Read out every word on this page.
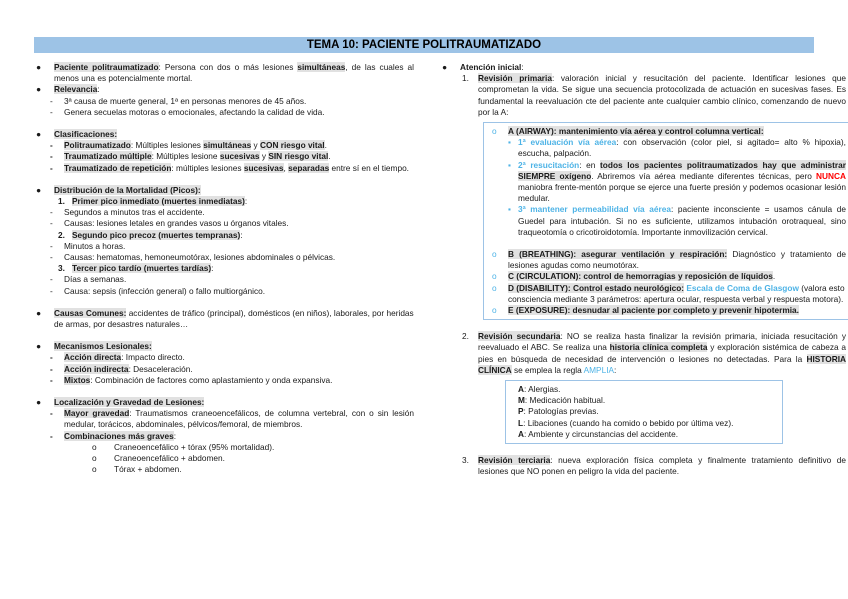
TEMA 10: PACIENTE POLITRAUMATIZADO
● Paciente politraumatizado: Persona con dos o más lesiones simultáneas, de las cuales al menos una es potencialmente mortal.
● Relevancia:
- 3ª causa de muerte general, 1ª en personas menores de 45 años.
- Genera secuelas motoras o emocionales, afectando la calidad de vida.
● Clasificaciones:
- Politraumatizado: Múltiples lesiones simultáneas y CON riesgo vital.
- Traumatizado múltiple: Múltiples lesione sucesivas y SIN riesgo vital.
- Traumatizado de repetición: múltiples lesiones sucesivas, separadas entre sí en el tiempo.
● Distribución de la Mortalidad (Picos):
1. Primer pico inmediato (muertes inmediatas):
- Segundos a minutos tras el accidente.
- Causas: lesiones letales en grandes vasos u órganos vitales.
2. Segundo pico precoz (muertes tempranas):
- Minutos a horas.
- Causas: hematomas, hemoneumotórax, lesiones abdominales o pélvicas.
3. Tercer pico tardío (muertes tardías):
- Días a semanas.
- Causa: sepsis (infección general) o fallo multiorgánico.
● Causas Comunes: accidentes de tráfico (principal), domésticos (en niños), laborales, por heridas de armas, por desastres naturales…
● Mecanismos Lesionales:
- Acción directa: Impacto directo.
- Acción indirecta: Desaceleración.
- Mixtos: Combinación de factores como aplastamiento y onda expansiva.
● Localización y Gravedad de Lesiones:
- Mayor gravedad: Traumatismos craneoencefálicos, de columna vertebral, con o sin lesión medular, torácicos, abdominales, pélvicos/femoral, de miembros.
- Combinaciones más graves:
o Craneoencefálico + tórax (95% mortalidad).
o Craneoencefálico + abdomen.
o Tórax + abdomen.
● Atención inicial:
1. Revisión primaria: valoración inicial y resucitación del paciente. Identificar lesiones que comprometan la vida. Se sigue una secuencia protocolizada de actuación en sucesivas fases. Es fundamental la reevaluación cte del paciente ante cualquier cambio clínico, comenzando de nuevo por la A:
o A (AIRWAY): mantenimiento vía aérea y control columna vertical:
▪ 1ª evaluación vía aérea: con observación (color piel, si agitado= alto % hipoxia), escucha, palpación.
▪ 2ª resucitación: en todos los pacientes politraumatizados hay que administrar SIEMPRE oxígeno. Abriremos vía aérea mediante diferentes técnicas, pero NUNCA maniobra frente-mentón porque se ejerce una fuerte presión y podemos ocasionar lesión medular.
▪ 3ª mantener permeabilidad vía aérea: paciente inconsciente = usamos cánula de Guedel para intubación. Si no es suficiente, utilizamos intubación orotraqueal, sino traqueotomía o cricotiroidotomía. Importante inmovilización cervical.
o B (BREATHING): asegurar ventilación y respiración: Diagnóstico y tratamiento de lesiones agudas como neumotórax.
o C (CIRCULATION): control de hemorragias y reposición de líquidos.
o D (DISABILITY): Control estado neurológico: Escala de Coma de Glasgow (valora esto consciencia mediante 3 parámetros: apertura ocular, respuesta verbal y respuesta motora).
o E (EXPOSURE): desnudar al paciente por completo y prevenir hipotermia.
2. Revisión secundaria: NO se realiza hasta finalizar la revisión primaria, iniciada resucitación y reevaluado el ABC. Se realiza una historia clínica completa y exploración sistémica de cabeza a pies en búsqueda de necesidad de intervención o lesiones no detectadas. Para la HISTORIA CLÍNICA se emplea la regla AMPLIA:
A: Alergias.
M: Medicación habitual.
P: Patologías previas.
L: Libaciones (cuando ha comido o bebido por última vez).
A: Ambiente y circunstancias del accidente.
3. Revisión terciaria: nueva exploración física completa y finalmente tratamiento definitivo de lesiones que NO ponen en peligro la vida del paciente.
